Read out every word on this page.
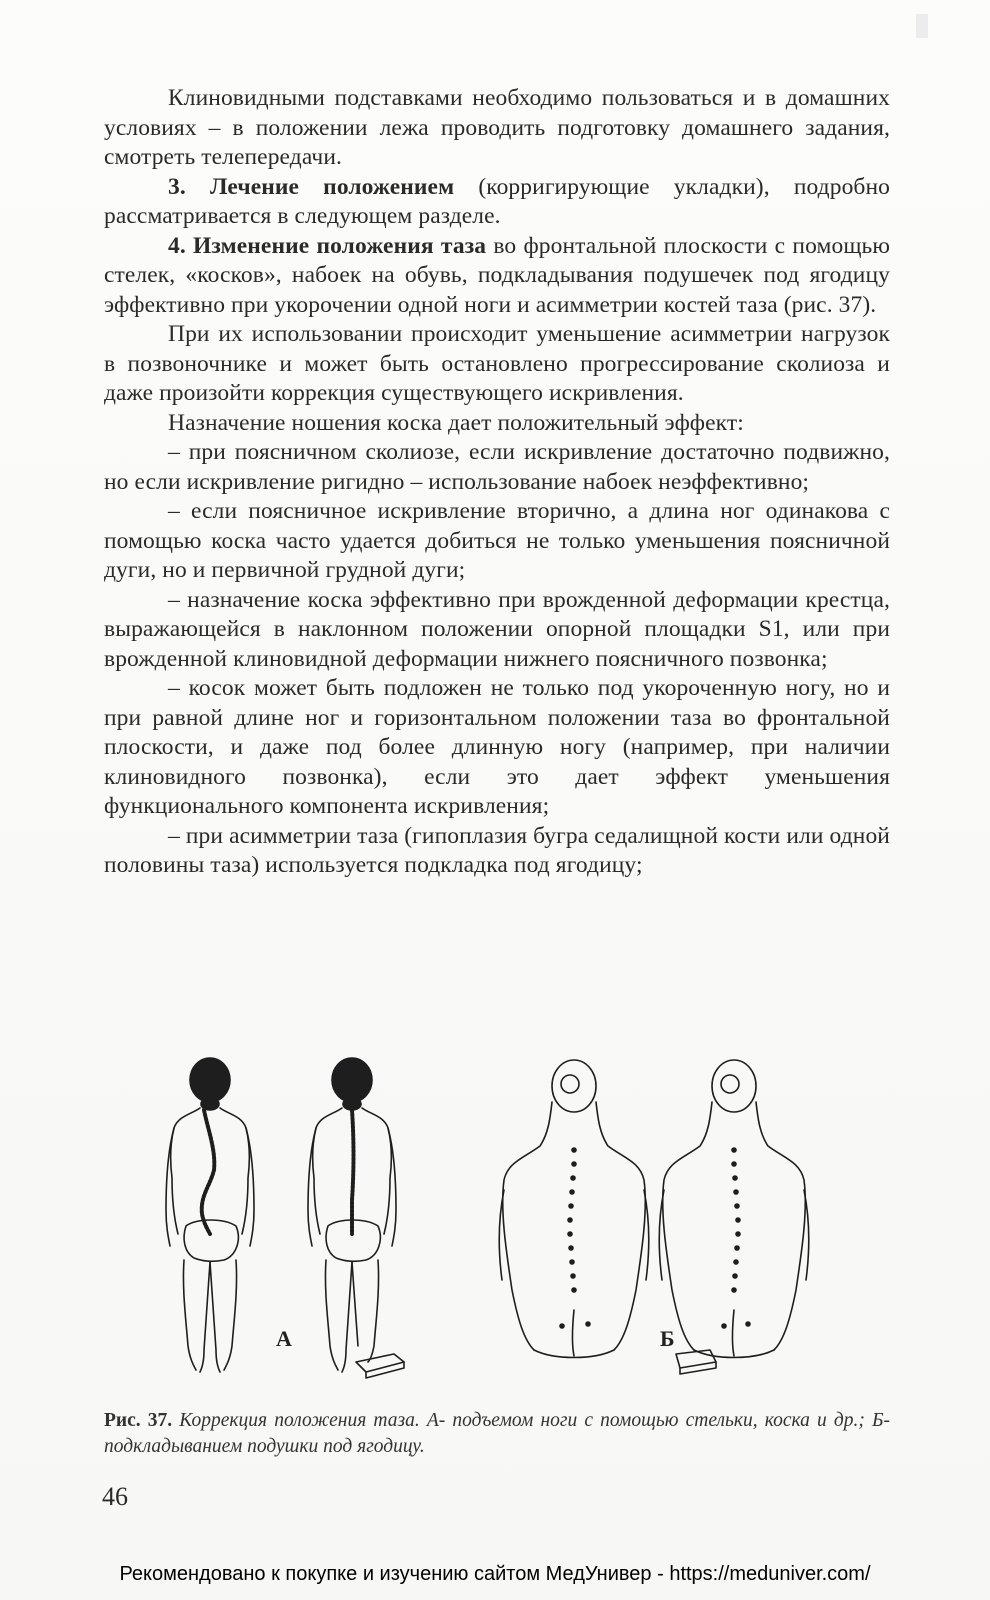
Клиновидными подставками необходимо пользоваться и в домашних условиях – в положении лежа проводить подготовку домашнего задания, смотреть телепередачи.

3. Лечение положением (корригирующие укладки), подробно рассматривается в следующем разделе.

4. Изменение положения таза во фронтальной плоскости с помощью стелек, «косков», набоек на обувь, подкладывания подушечек под ягодицу эффективно при укорочении одной ноги и асимметрии костей таза (рис. 37).

При их использовании происходит уменьшение асимметрии нагрузок в позвоночнике и может быть остановлено прогрессирование сколиоза и даже произойти коррекция существующего искривления.

Назначение ношения коска дает положительный эффект:

– при поясничном сколиозе, если искривление достаточно подвижно, но если искривление ригидно – использование набоек неэффективно;

– если поясничное искривление вторично, а длина ног одинакова с помощью коска часто удается добиться не только уменьшения поясничной дуги, но и первичной грудной дуги;

– назначение коска эффективно при врожденной деформации крестца, выражающейся в наклонном положении опорной площадки S1, или при врожденной клиновидной деформации нижнего поясничного позвонка;

– косок может быть подложен не только под укороченную ногу, но и при равной длине ног и горизонтальном положении таза во фронтальной плоскости, и даже под более длинную ногу (например, при наличии клиновидного позвонка), если это дает эффект уменьшения функционального компонента искривления;

– при асимметрии таза (гипоплазия бугра седалищной кости или одной половины таза) используется подкладка под ягодицу;

А	Б
Рис. 37. Коррекция положения таза. А- подъемом ноги с помощью стельки, коска и др.; Б- подкладыванием подушки под ягодицу.
46
Рекомендовано к покупке и изучению сайтом МедУнивер - https://meduniver.com/
